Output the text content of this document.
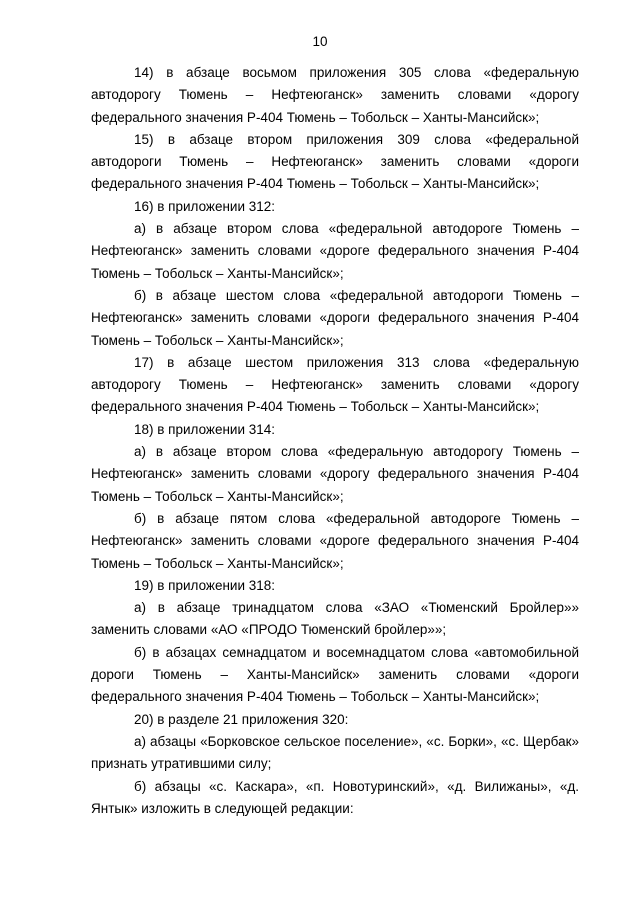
10

14) в абзаце восьмом приложения 305 слова «федеральную автодорогу Тюмень – Нефтеюганск» заменить словами «дорогу федерального значения Р-404 Тюмень – Тобольск – Ханты-Мансийск»;

15) в абзаце втором приложения 309 слова «федеральной автодороги Тюмень – Нефтеюганск» заменить словами «дороги федерального значения Р-404 Тюмень – Тобольск – Ханты-Мансийск»;

16) в приложении 312:

а) в абзаце втором слова «федеральной автодороге Тюмень – Нефтеюганск» заменить словами «дороге федерального значения Р-404 Тюмень – Тобольск – Ханты-Мансийск»;

б) в абзаце шестом слова «федеральной автодороги Тюмень – Нефтеюганск» заменить словами «дороги федерального значения Р-404 Тюмень – Тобольск – Ханты-Мансийск»;

17) в абзаце шестом приложения 313 слова «федеральную автодорогу Тюмень – Нефтеюганск» заменить словами «дорогу федерального значения Р-404 Тюмень – Тобольск – Ханты-Мансийск»;

18) в приложении 314:

а) в абзаце втором слова «федеральную автодорогу Тюмень – Нефтеюганск» заменить словами «дорогу федерального значения Р-404 Тюмень – Тобольск – Ханты-Мансийск»;

б) в абзаце пятом слова «федеральной автодороге Тюмень – Нефтеюганск» заменить словами «дороге федерального значения Р-404 Тюмень – Тобольск – Ханты-Мансийск»;

19) в приложении 318:

а) в абзаце тринадцатом слова «ЗАО «Тюменский Бройлер»» заменить словами «АО «ПРОДО Тюменский бройлер»»;

б) в абзацах семнадцатом и восемнадцатом слова «автомобильной дороги Тюмень – Ханты-Мансийск» заменить словами «дороги федерального значения Р-404 Тюмень – Тобольск – Ханты-Мансийск»;

20) в разделе 21 приложения 320:

а) абзацы «Борковское сельское поселение», «с. Борки», «с. Щербак» признать утратившими силу;

б) абзацы «с. Каскара», «п. Новотуринский», «д. Вилижаны», «д. Янтык» изложить в следующей редакции:
